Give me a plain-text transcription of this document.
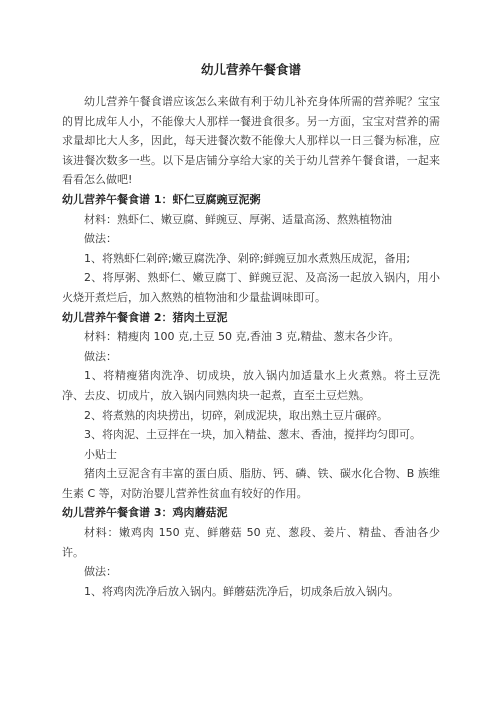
幼儿营养午餐食谱

幼儿营养午餐食谱应该怎么来做有利于幼儿补充身体所需的营养呢？宝宝的胃比成年人小，不能像大人那样一餐进食很多。另一方面，宝宝对营养的需求量却比大人多，因此，每天进餐次数不能像大人那样以一日三餐为标准，应该进餐次数多一些。以下是店铺分享给大家的关于幼儿营养午餐食谱，一起来看看怎么做吧!

幼儿营养午餐食谱 1：虾仁豆腐豌豆泥粥

材料：熟虾仁、嫩豆腐、鲜豌豆、厚粥、适量高汤、熬熟植物油

做法：

1、将熟虾仁剁碎;嫩豆腐洗净、剁碎;鲜豌豆加水煮熟压成泥，备用;

2、将厚粥、熟虾仁、嫩豆腐丁、鲜豌豆泥、及高汤一起放入锅内，用小火烧开煮烂后，加入熬熟的植物油和少量盐调味即可。

幼儿营养午餐食谱 2：猪肉土豆泥

材料：精瘦肉 100 克,土豆 50 克,香油 3 克,精盐、葱末各少许。

做法：

1、将精瘦猪肉洗净、切成块，放入锅内加适量水上火煮熟。将土豆洗净、去皮、切成片，放入锅内同熟肉块一起煮，直至土豆烂熟。

2、将煮熟的肉块捞出，切碎，剁成泥块，取出熟土豆片碾碎。

3、将肉泥、土豆拌在一块，加入精盐、葱末、香油，搅拌均匀即可。

小贴士

猪肉土豆泥含有丰富的蛋白质、脂肪、钙、磷、铁、碳水化合物、B 族维生素 C 等，对防治婴儿营养性贫血有较好的作用。

幼儿营养午餐食谱 3：鸡肉蘑菇泥

材料：嫩鸡肉 150 克、鲜蘑菇 50 克、葱段、姜片、精盐、香油各少许。

做法：

1、将鸡肉洗净后放入锅内。鲜蘑菇洗净后，切成条后放入锅内。
